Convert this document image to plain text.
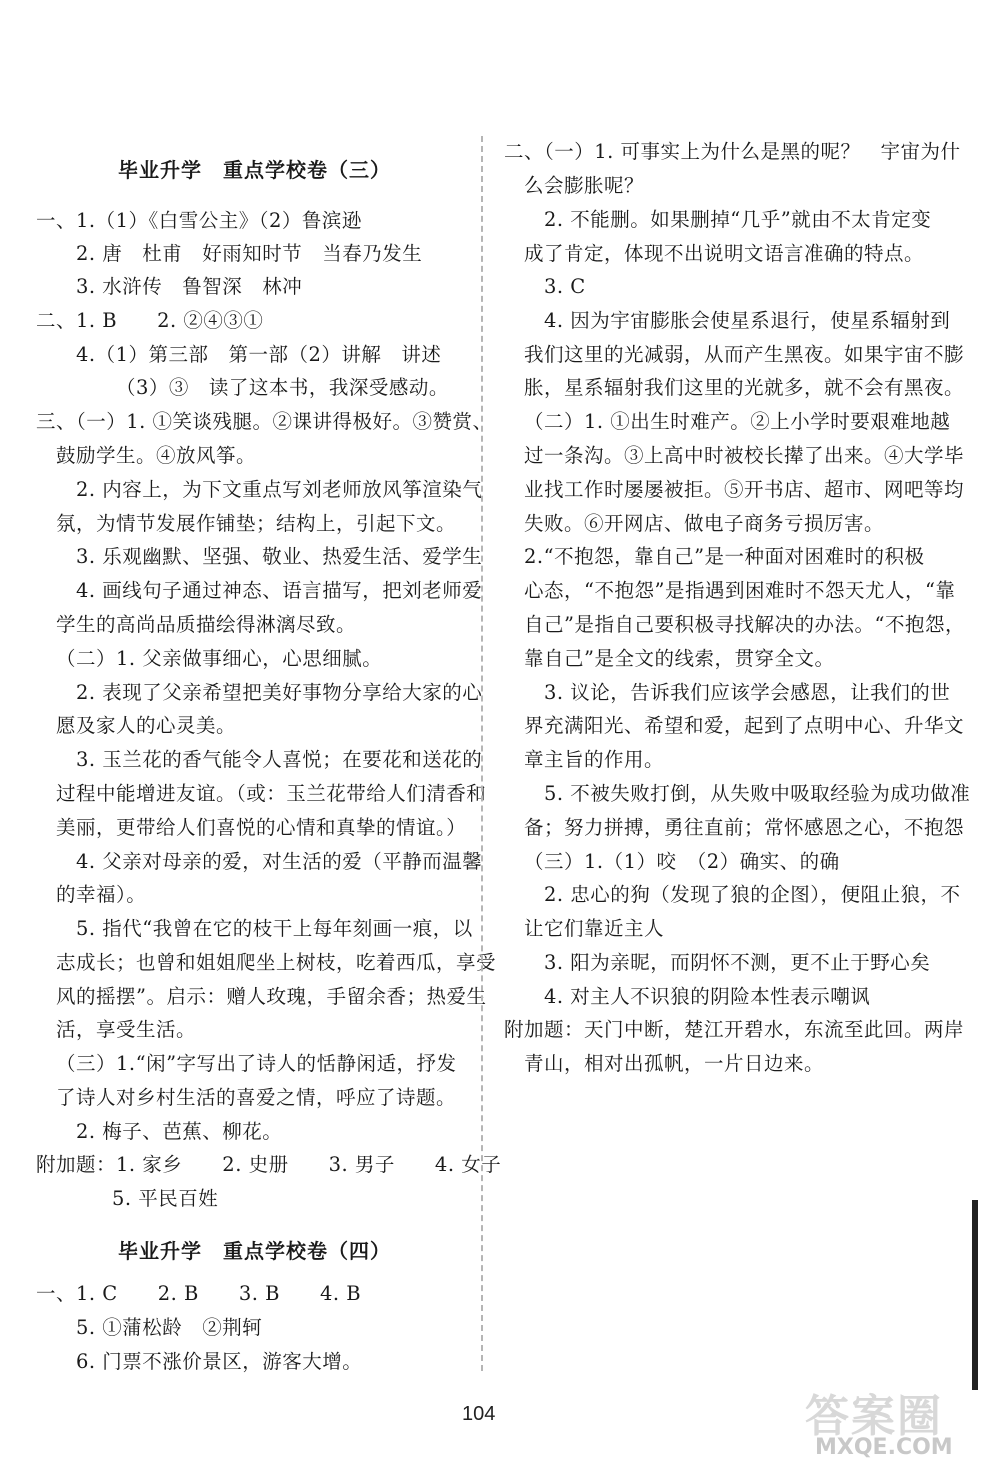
毕业升学　重点学校卷（三）
一、1.（1）《白雪公主》（2）鲁滨逊
2. 唐　杜甫　好雨知时节　当春乃发生
3. 水浒传　鲁智深　林冲
二、1. B　　2. ②④③①
4.（1）第三部　第一部（2）讲解　讲述
（3）③　读了这本书，我深受感动。
三、（一）1. ①笑谈残腿。②课讲得极好。③赞赏、
鼓励学生。④放风筝。
2. 内容上，为下文重点写刘老师放风筝渲染气
氛，为情节发展作铺垫；结构上，引起下文。
3. 乐观幽默、坚强、敬业、热爱生活、爱学生
4. 画线句子通过神态、语言描写，把刘老师爱
学生的高尚品质描绘得淋漓尽致。
（二）1. 父亲做事细心，心思细腻。
2. 表现了父亲希望把美好事物分享给大家的心
愿及家人的心灵美。
3. 玉兰花的香气能令人喜悦；在要花和送花的
过程中能增进友谊。（或：玉兰花带给人们清香和
美丽，更带给人们喜悦的心情和真挚的情谊。）
4. 父亲对母亲的爱，对生活的爱（平静而温馨
的幸福）。
5. 指代“我曾在它的枝干上每年刻画一痕，以
志成长；也曾和姐姐爬坐上树枝，吃着西瓜，享受
风的摇摆”。启示：赠人玫瑰，手留余香；热爱生
活，享受生活。
（三）1.“闲”字写出了诗人的恬静闲适，抒发
了诗人对乡村生活的喜爱之情，呼应了诗题。
2. 梅子、芭蕉、柳花。
附加题：1. 家乡　　2. 史册　　3. 男子　　4. 女子
5. 平民百姓
毕业升学　重点学校卷（四）
一、1. C　　2. B　　3. B　　4. B
5. ①蒲松龄　②荆轲
6. 门票不涨价景区，游客大增。
二、（一）1. 可事实上为什么是黑的呢？　宇宙为什
么会膨胀呢？
2. 不能删。如果删掉“几乎”就由不太肯定变
成了肯定，体现不出说明文语言准确的特点。
3. C
4. 因为宇宙膨胀会使星系退行，使星系辐射到
我们这里的光减弱，从而产生黑夜。如果宇宙不膨
胀，星系辐射我们这里的光就多，就不会有黑夜。
（二）1. ①出生时难产。②上小学时要艰难地越
过一条沟。③上高中时被校长撵了出来。④大学毕
业找工作时屡屡被拒。⑤开书店、超市、网吧等均
失败。⑥开网店、做电子商务亏损厉害。
2.“不抱怨，靠自己”是一种面对困难时的积极
心态，“不抱怨”是指遇到困难时不怨天尤人，“靠
自己”是指自己要积极寻找解决的办法。“不抱怨，
靠自己”是全文的线索，贯穿全文。
3. 议论，告诉我们应该学会感恩，让我们的世
界充满阳光、希望和爱，起到了点明中心、升华文
章主旨的作用。
5. 不被失败打倒，从失败中吸取经验为成功做准
备；努力拼搏，勇往直前；常怀感恩之心，不抱怨
（三）1.（1）咬　（2）确实、的确
2. 忠心的狗（发现了狼的企图），便阻止狼，不
让它们靠近主人
3. 阳为亲昵，而阴怀不测，更不止于野心矣
4. 对主人不识狼的阴险本性表示嘲讽
附加题：天门中断，楚江开碧水，东流至此回。两岸
青山，相对出孤帆，一片日边来。
104	答案圈
MXQE.COM
